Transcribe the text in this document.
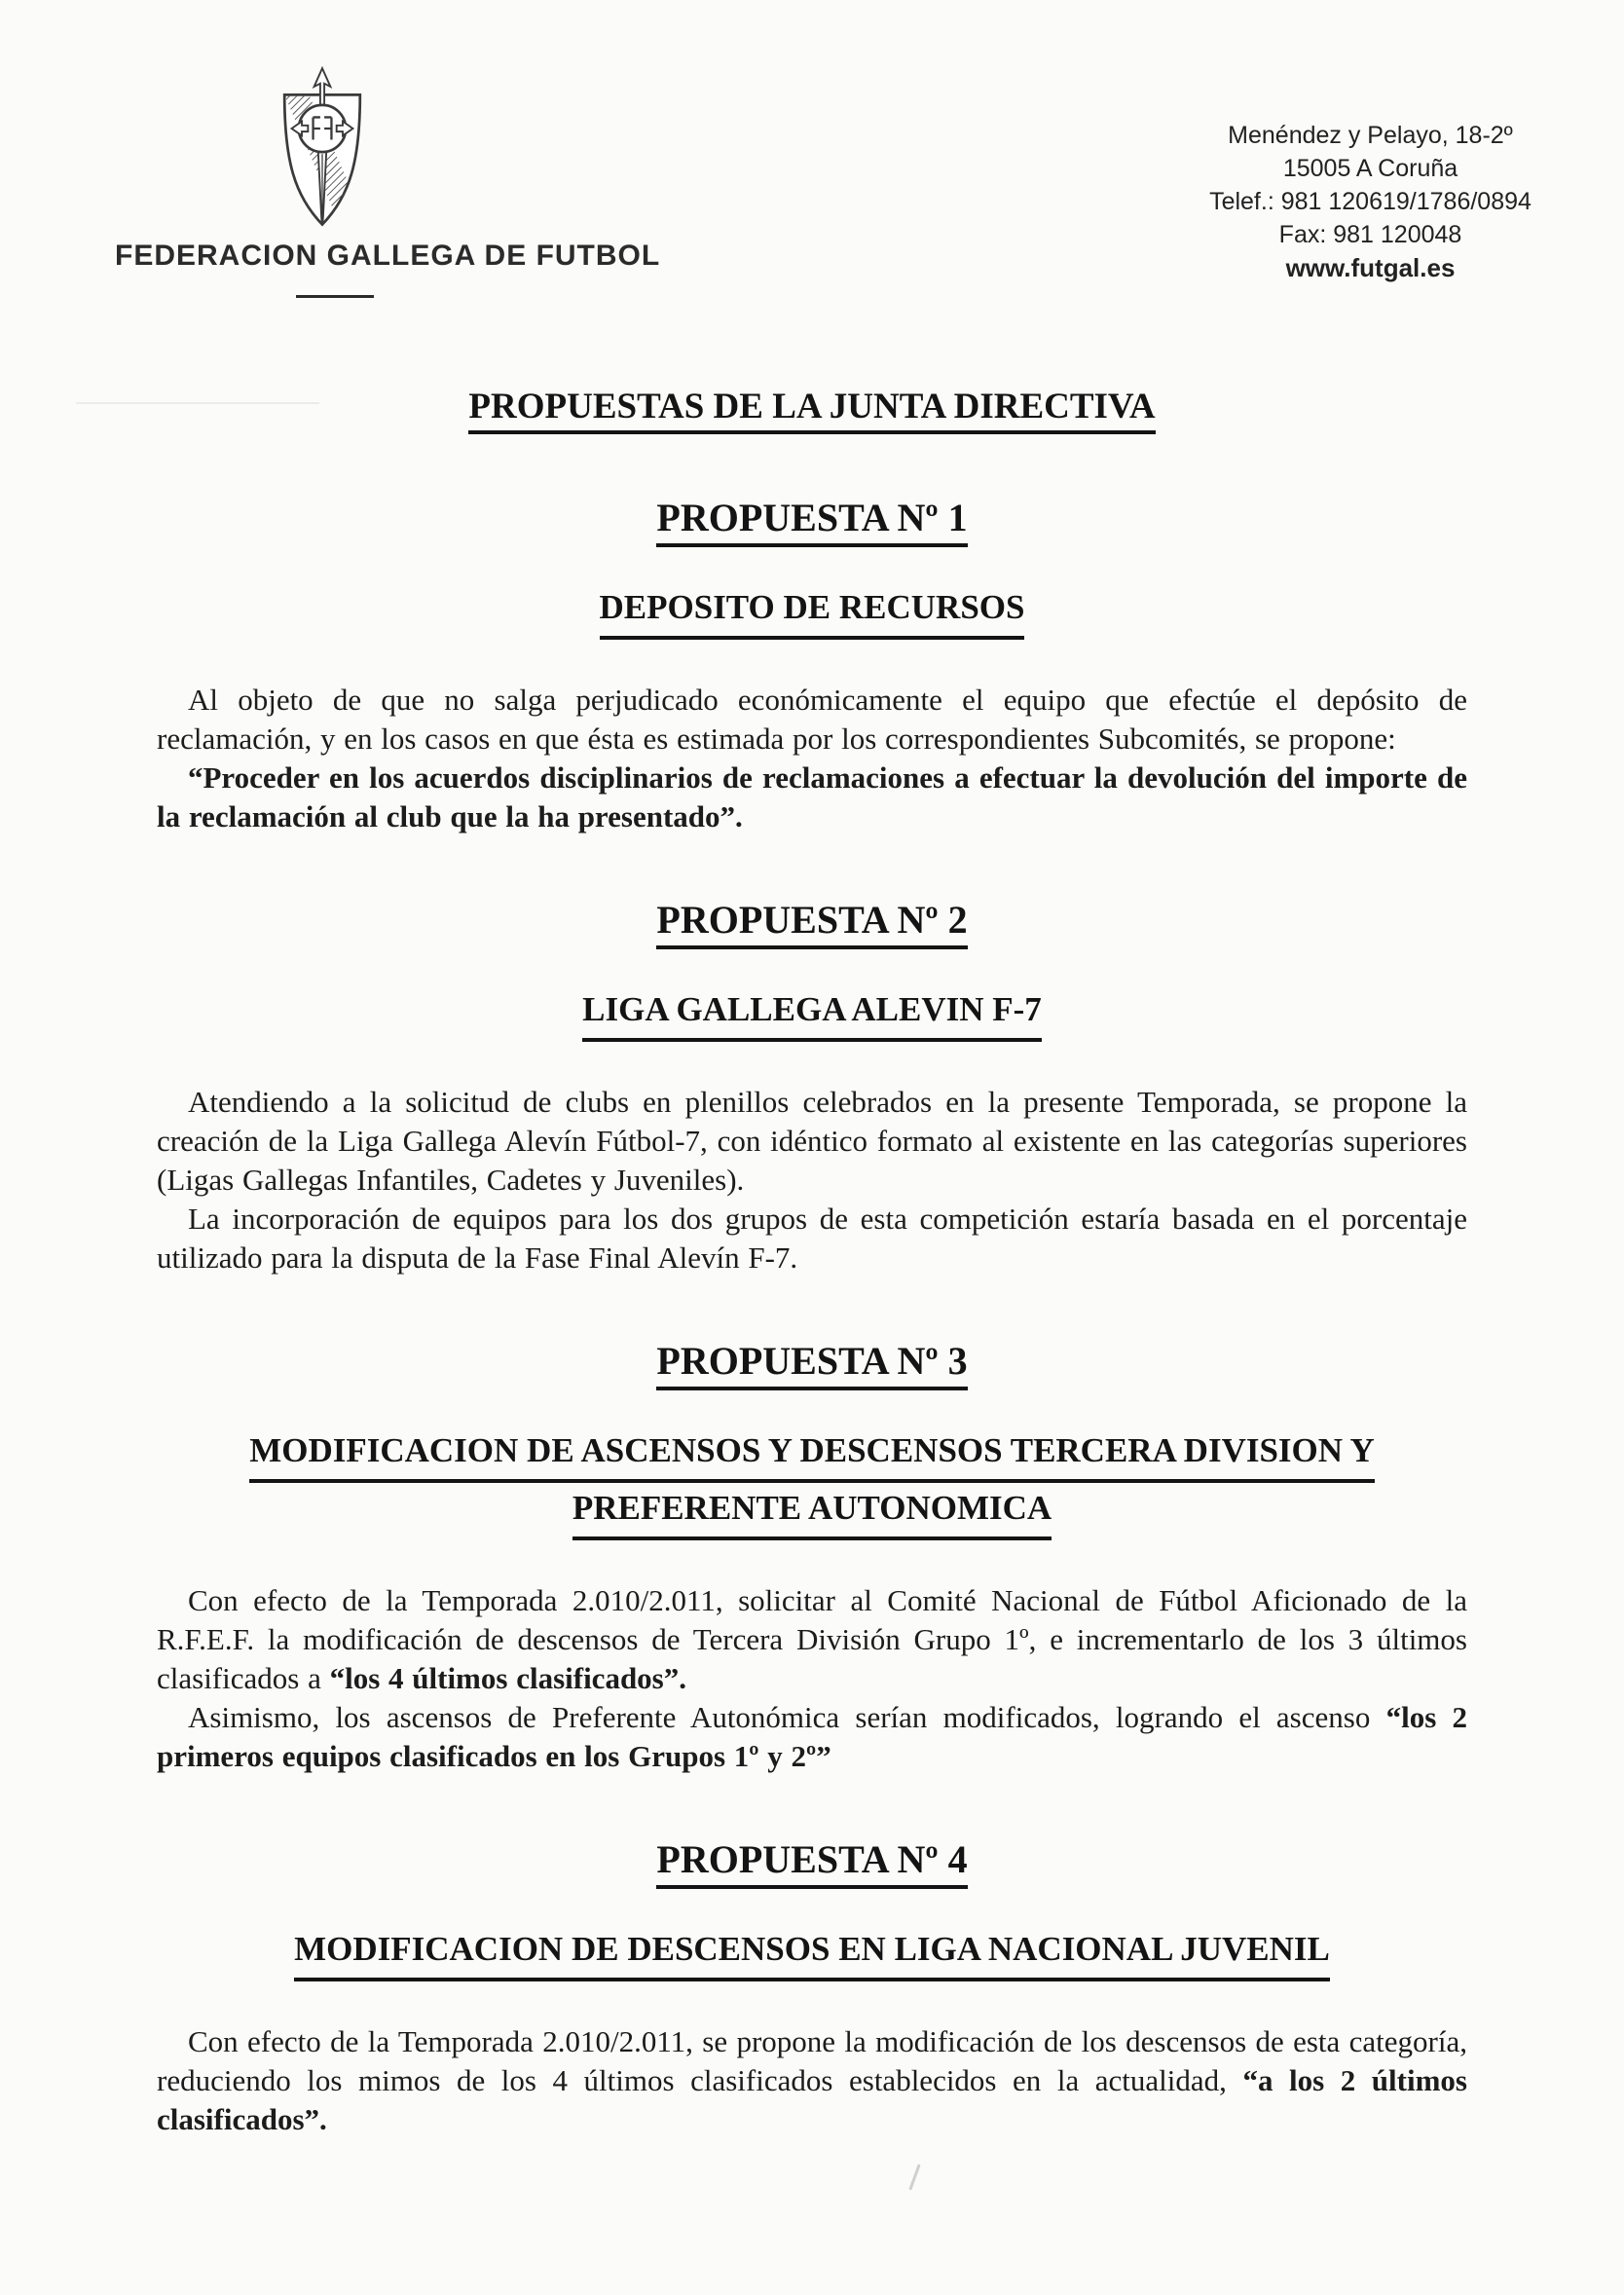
FEDERACION GALLEGA DE FUTBOL
Menéndez y Pelayo, 18-2º
15005 A Coruña
Telef.: 981 120619/1786/0894
Fax: 981 120048
www.futgal.es
PROPUESTAS DE LA JUNTA DIRECTIVA
PROPUESTA Nº 1
DEPOSITO DE RECURSOS

Al objeto de que no salga perjudicado económicamente el equipo que efectúe el depósito de reclamación, y en los casos en que ésta es estimada por los correspondientes Subcomités, se propone:

“Proceder en los acuerdos disciplinarios de reclamaciones a efectuar la devolución del importe de la reclamación al club que la ha presentado”.

PROPUESTA Nº 2
LIGA GALLEGA ALEVIN F-7

Atendiendo a la solicitud de clubs en plenillos celebrados en la presente Temporada, se propone la creación de la Liga Gallega Alevín Fútbol-7, con idéntico formato al existente en las categorías superiores (Ligas Gallegas Infantiles, Cadetes y Juveniles).

La incorporación de equipos para los dos grupos de esta competición estaría basada en el porcentaje utilizado para la disputa de la Fase Final Alevín F-7.

PROPUESTA Nº 3
MODIFICACION DE ASCENSOS Y DESCENSOS TERCERA DIVISION Y
PREFERENTE AUTONOMICA

Con efecto de la Temporada 2.010/2.011, solicitar al Comité Nacional de Fútbol Aficionado de la R.F.E.F. la modificación de descensos de Tercera División Grupo 1º, e incrementarlo de los 3 últimos clasificados a “los 4 últimos clasificados”.

Asimismo, los ascensos de Preferente Autonómica serían modificados, logrando el ascenso “los 2 primeros equipos clasificados en los Grupos 1º y 2º”

PROPUESTA Nº 4
MODIFICACION DE DESCENSOS EN LIGA NACIONAL JUVENIL

Con efecto de la Temporada 2.010/2.011, se propone la modificación de los descensos de esta categoría, reduciendo los mimos de los 4 últimos clasificados establecidos en la actualidad, “a los 2 últimos clasificados”.
